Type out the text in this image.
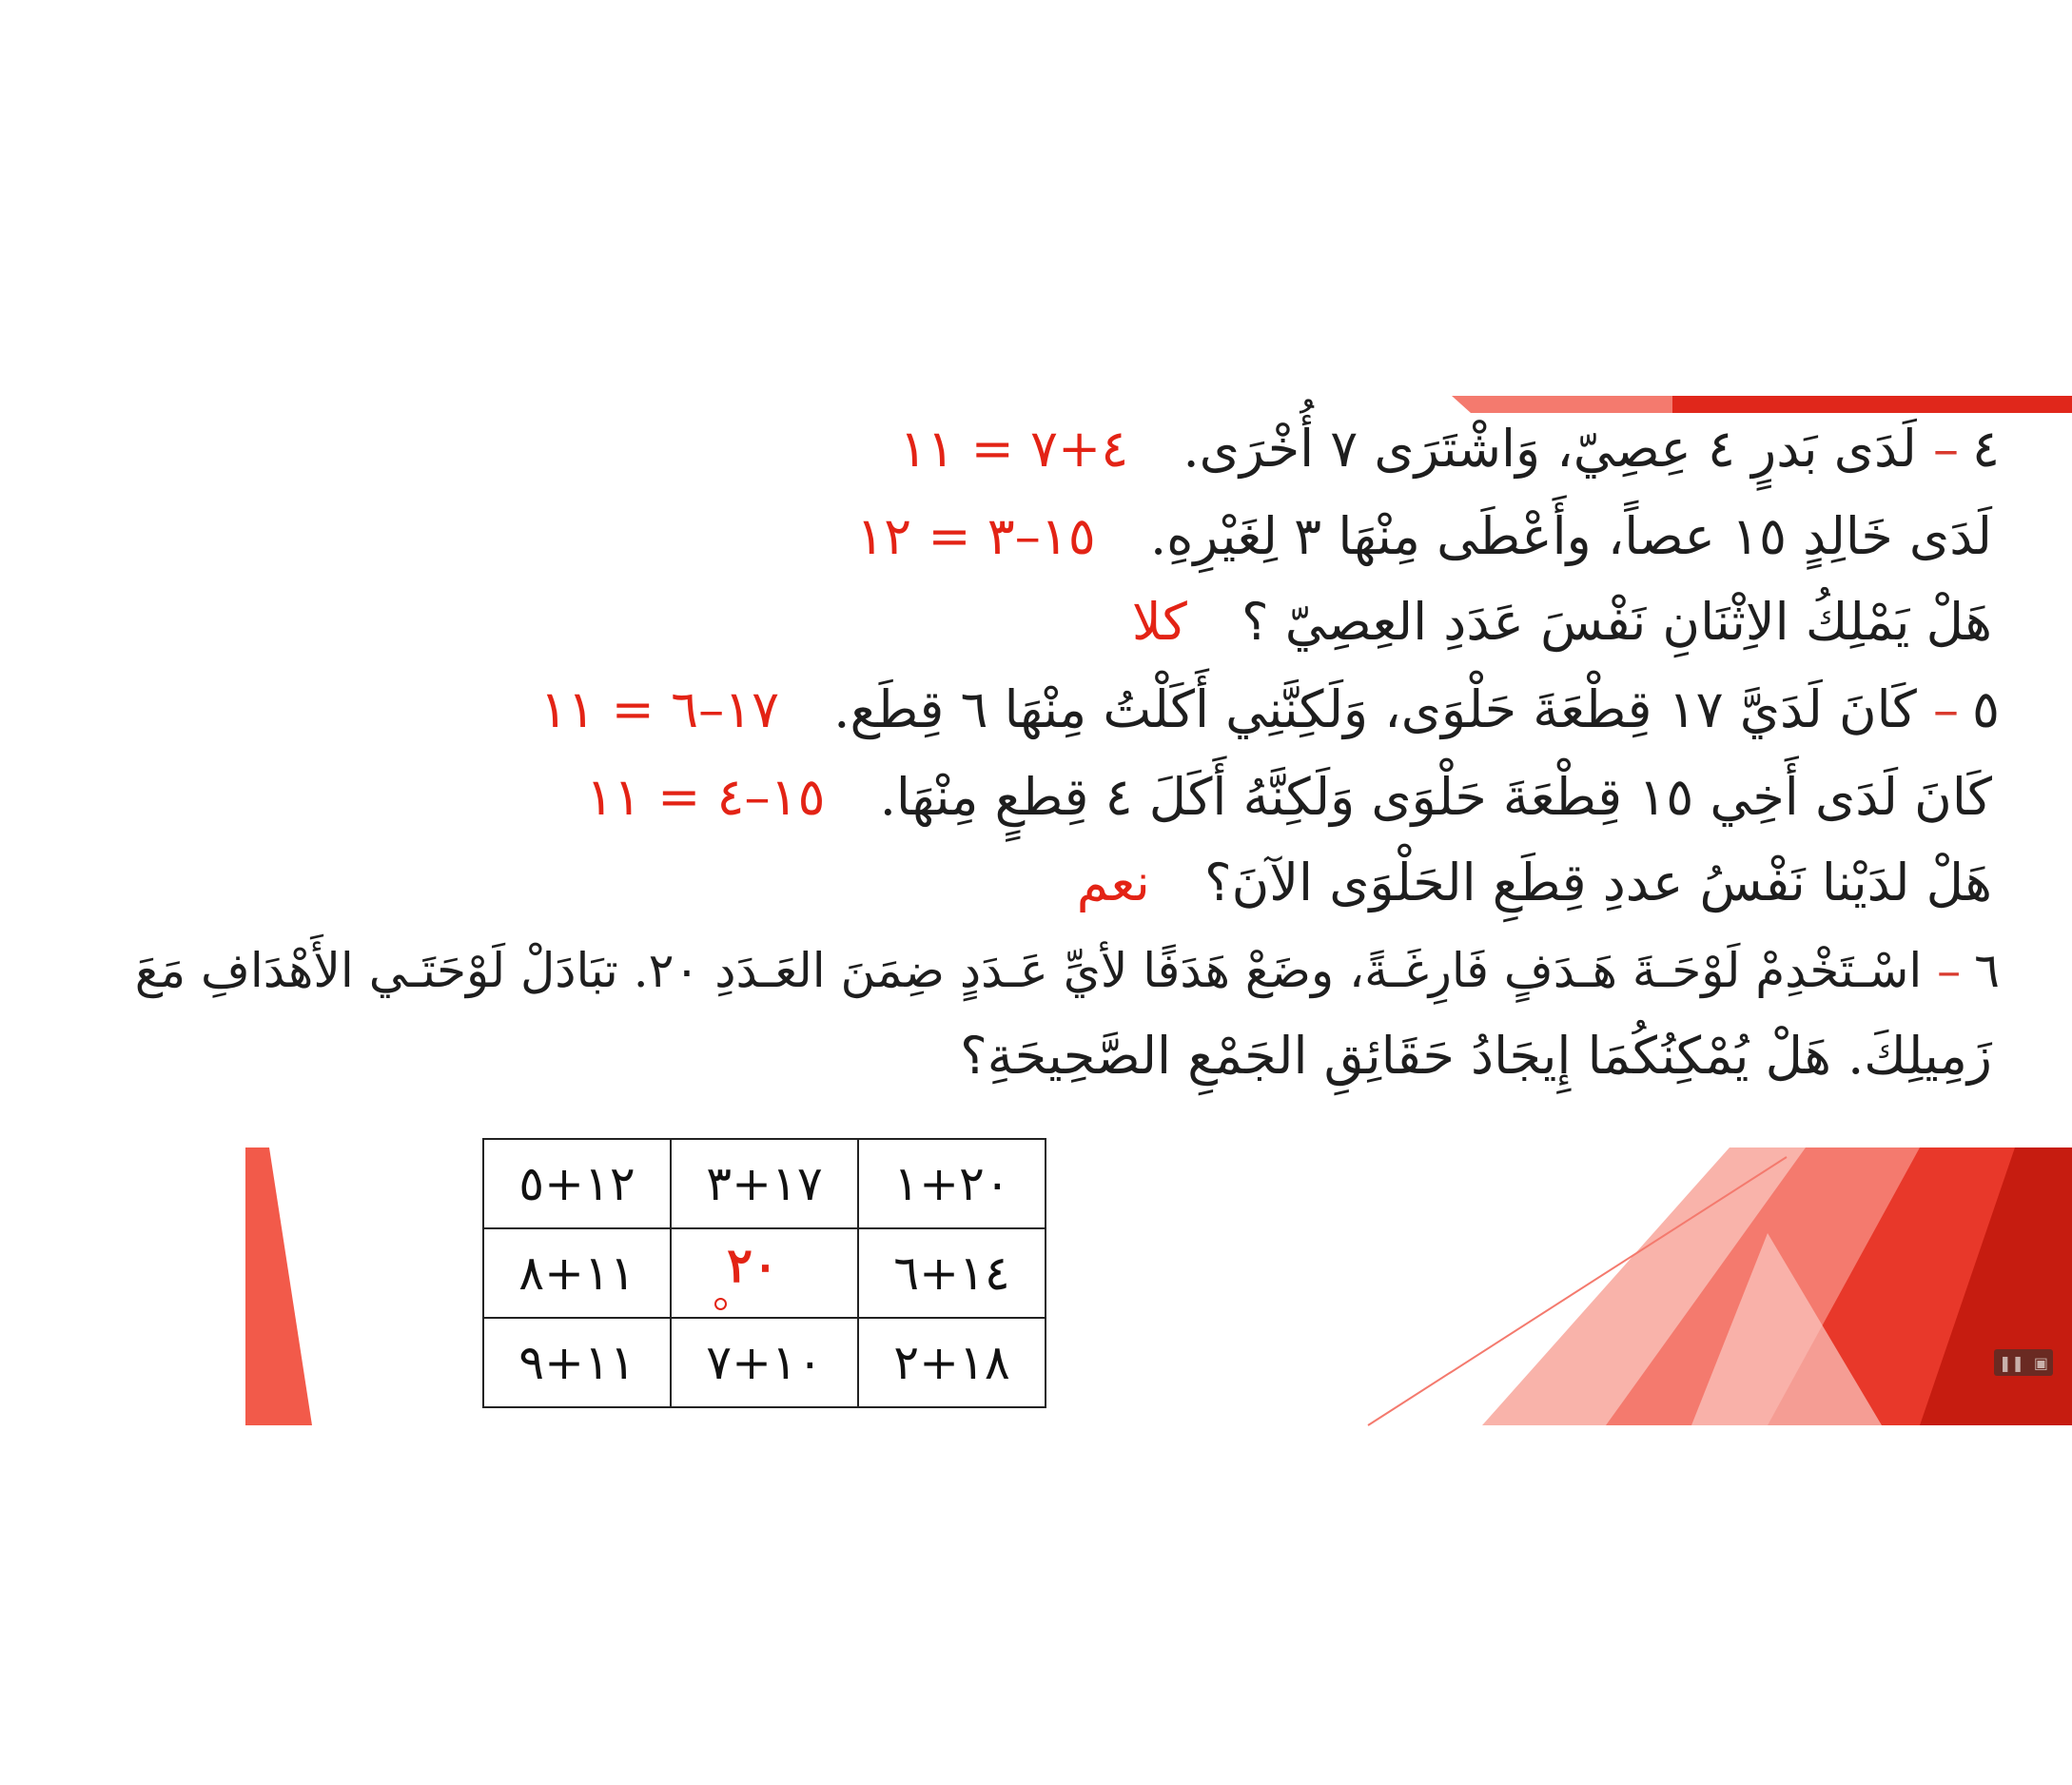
٤– لَدَى بَدرٍ ٤ عِصِيّ، وَاشْتَرَى ٧ أُخْرَى. ٤+٧ = ١١
لَدَى خَالِدٍ ١٥ عصاً، وأَعْطَى مِنْهَا ٣ لِغَيْرِهِ. ١٥–٣ = ١٢
هَلْ يَمْلِكُ الاِثْنَانِ نَفْسَ عَدَدِ العِصِيّ ؟ كلا
٥– كَانَ لَدَيَّ ١٧ قِطْعَةَ حَلْوَى، وَلَكِنَّنِي أَكَلْتُ مِنْهَا ٦ قِطَع. ١٧–٦ = ١١
كَانَ لَدَى أَخِي ١٥ قِطْعَةَ حَلْوَى وَلَكِنَّهُ أَكَلَ ٤ قِطعٍ مِنْهَا. ١٥–٤ = ١١
هَلْ لدَيْنا نَفْسُ عددِ قِطَعِ الحَلْوَى الآنَ؟ نعم
٦– اسْـتَخْدِمْ لَوْحَـةَ هَـدَفٍ فَارِغَـةً، وضَعْ هَدَفًا لأيِّ عَـدَدٍ ضِمَنَ العَـدَدِ ٢٠. تبَادَلْ لَوْحَتَـي الأَهْدَافِ مَعَ
زَمِيلِكَ. هَلْ يُمْكِنُكُمَا إِيجَادُ حَقَائِقِ الجَمْعِ الصَّحِيحَةِ؟
٢٠+١	١٧+٣	١٢+٥
١٤+٦	٢٠	١١+٨
١٨+٢	١٠+٧	١١+٩	❚❚ ▣
